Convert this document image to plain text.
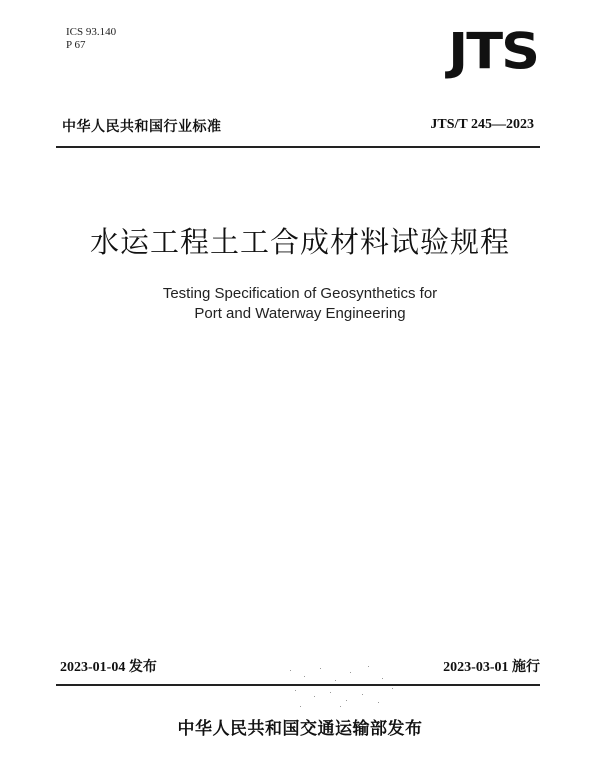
ICS 93.140
P 67	JTS
中华人民共和国行业标准	JTS/T 245—2023
水运工程土工合成材料试验规程
Testing Specification of Geosynthetics for
Port and Waterway Engineering
2023-01-04 发布	2023-03-01 施行
中华人民共和国交通运输部发布
